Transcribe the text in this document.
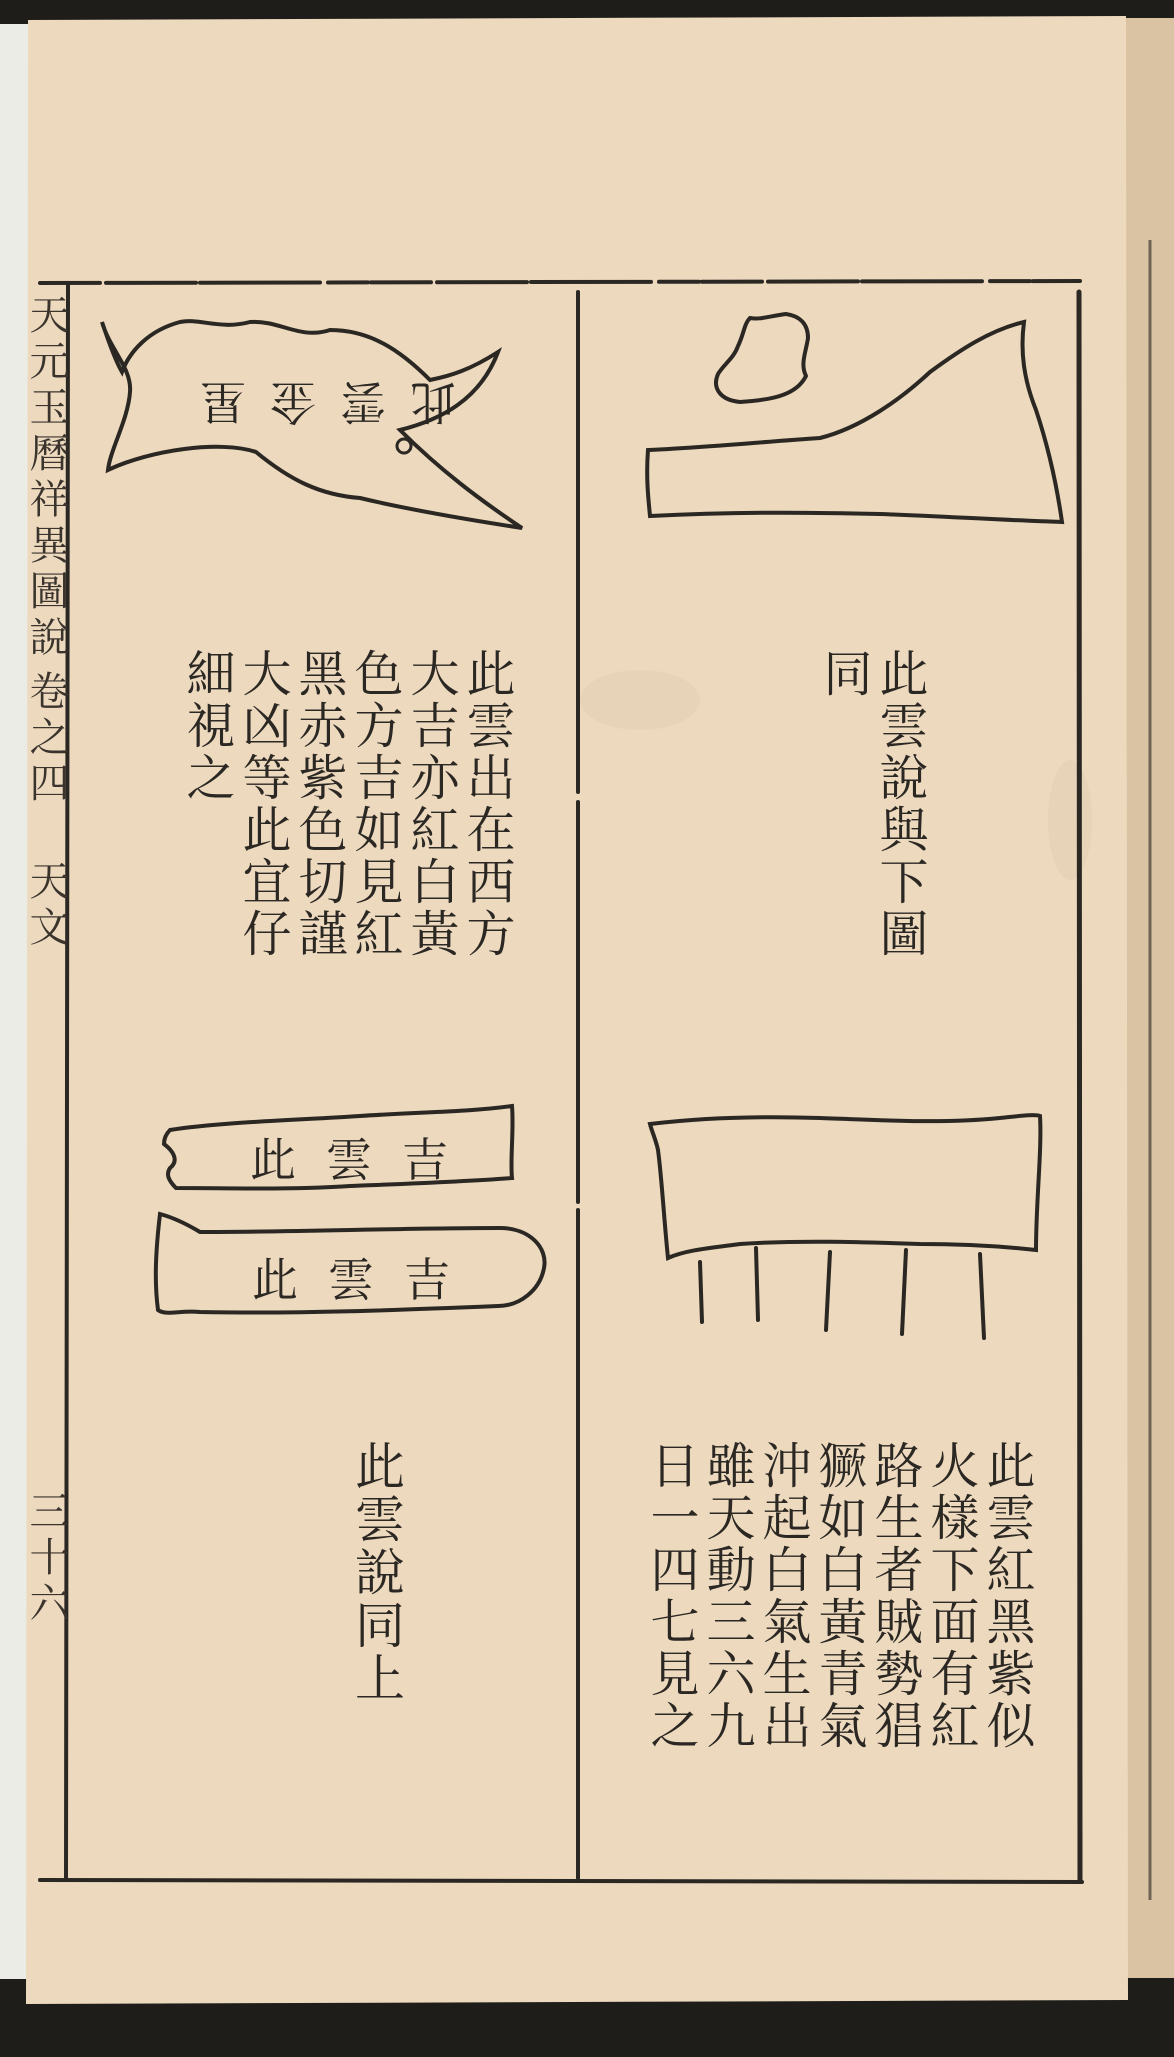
天元玉曆祥異圖說
卷之四
天文
三十六
此雲金星
此雲出在西方
大吉亦紅白黃
色方吉如見紅
黑赤紫色切謹
大凶等此宜仔
細視之
此雲吉
此雲吉
此雲說同上
此雲說與下圖
同
此雲紅黑紫似
火樣下面有紅
路生者賊勢猖
獗如白黃青氣
沖起白氣生出
雖天動三六九
日一四七見之
